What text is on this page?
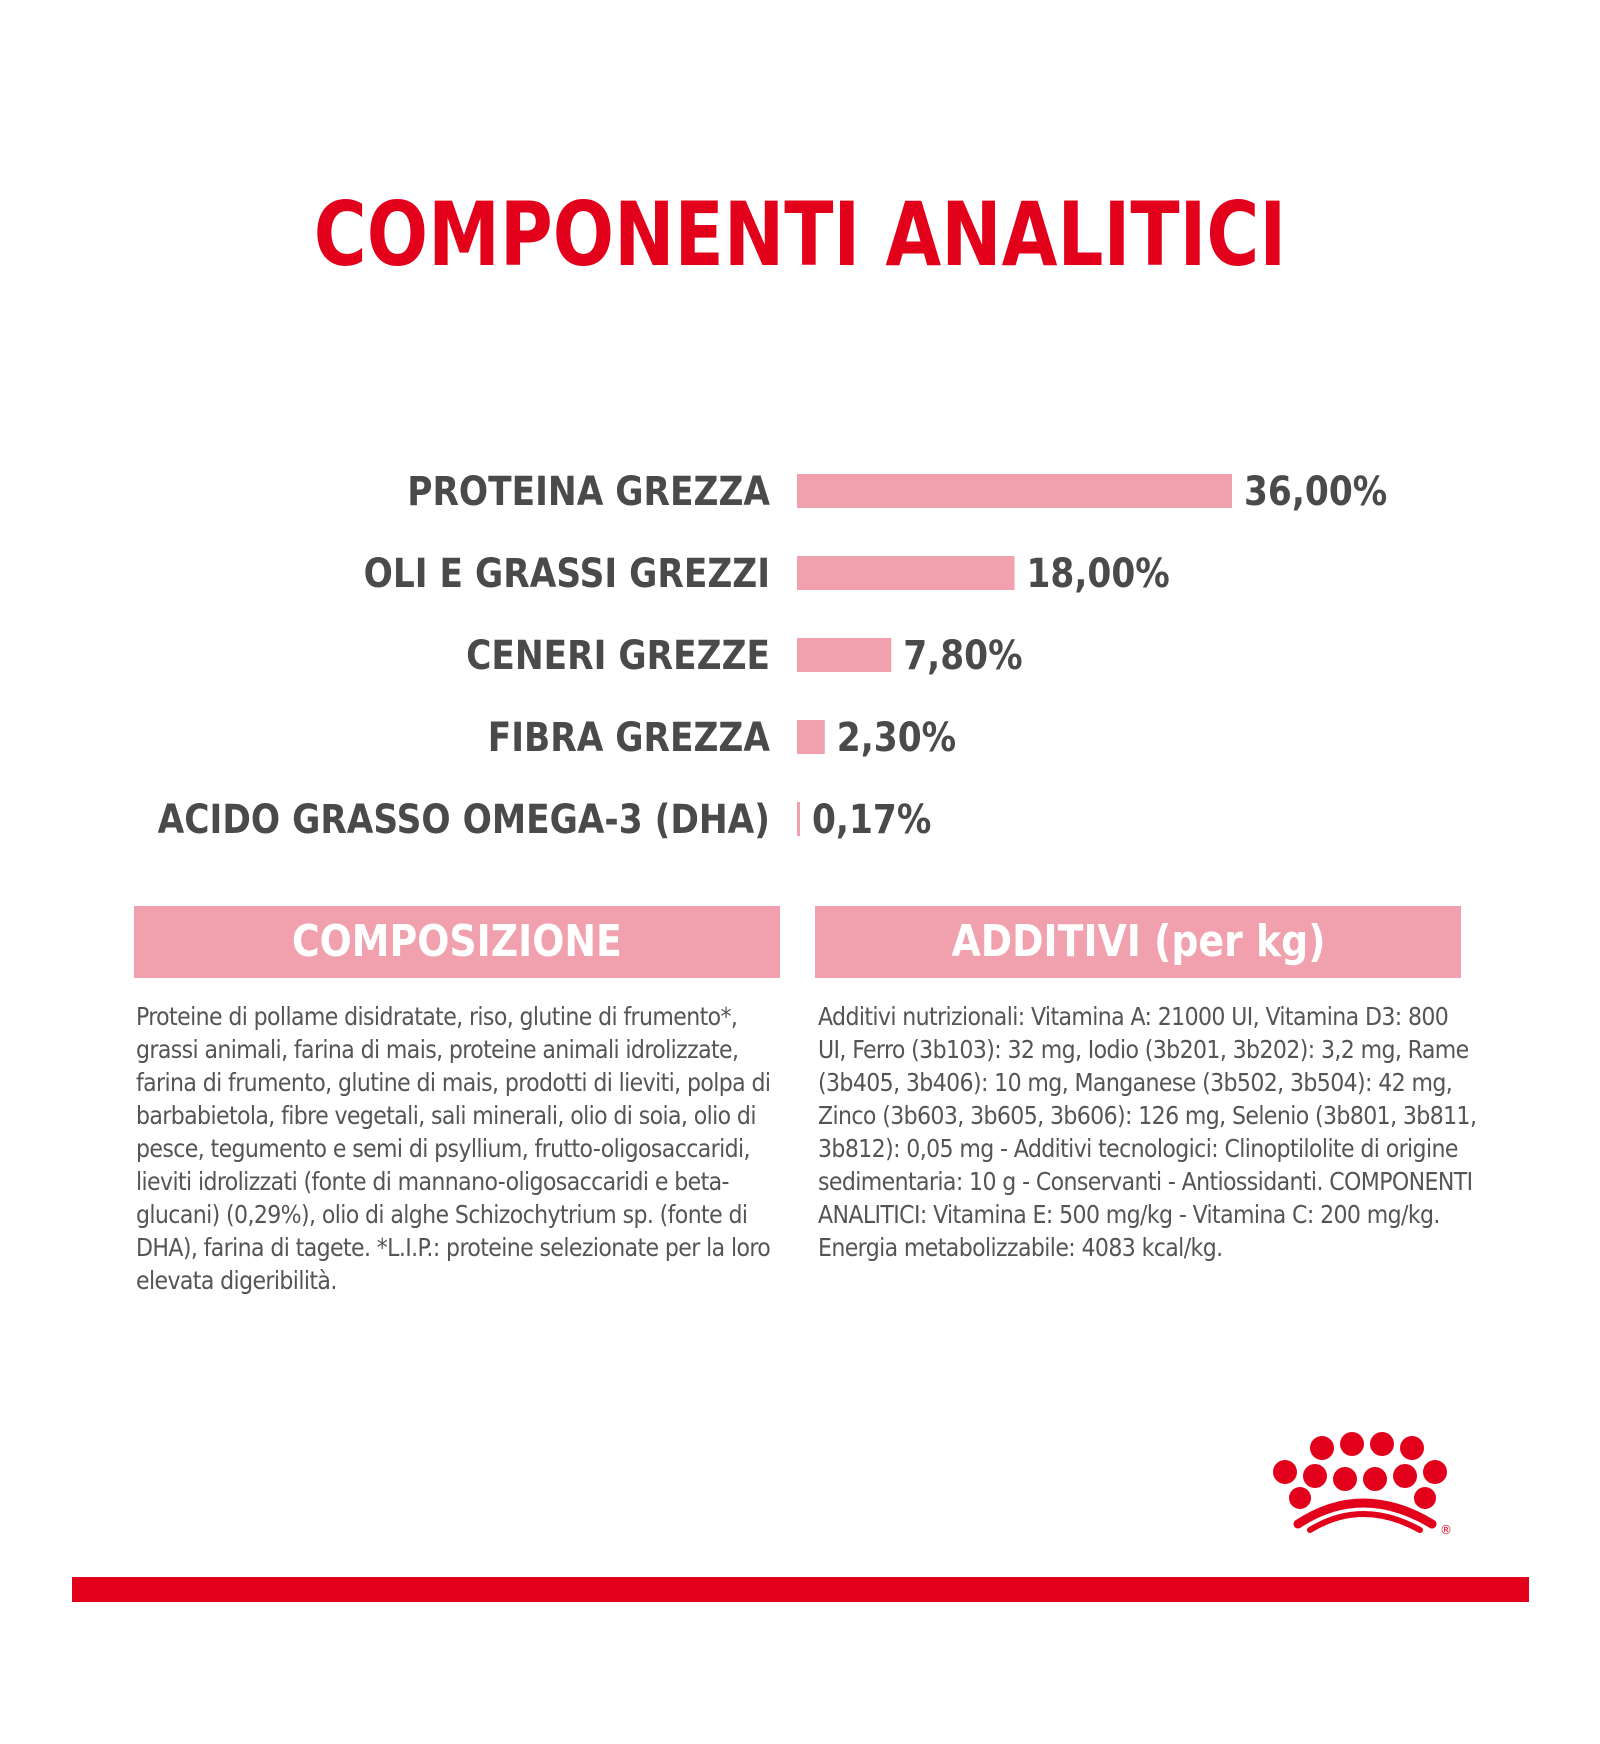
COMPONENTI ANALITICI
PROTEINA GREZZA	36,00%
OLI E GRASSI GREZZI	18,00%
CENERI GREZZE	7,80%
FIBRA GREZZA 2,30%
ACIDO GRASSO OMEGA-3 (DHA) 0,17%
COMPOSIZIONE	ADDITIVI (per kg)
Proteine di pollame disidratate, riso, glutine di frumento*, grassi animali, farina di mais, proteine animali idrolizzate, farina di frumento, glutine di mais, prodotti di lieviti, polpa di barbabietola, fibre vegetali, sali minerali, olio di soia, olio di pesce, tegumento e semi di psyllium, frutto-oligosaccaridi, lieviti idrolizzati (fonte di mannano-oligosaccaridi e beta-glucani) (0,29%), olio di alghe Schizochytrium sp. (fonte di DHA), farina di tagete. *L.I.P.: proteine selezionate per la loro elevata digeribilità.
Additivi nutrizionali: Vitamina A: 21000 UI, Vitamina D3: 800 UI, Ferro (3b103): 32 mg, Iodio (3b201, 3b202): 3,2 mg, Rame (3b405, 3b406): 10 mg, Manganese (3b502, 3b504): 42 mg, Zinco (3b603, 3b605, 3b606): 126 mg, Selenio (3b801, 3b811, 3b812): 0,05 mg - Additivi tecnologici: Clinoptilolite di origine sedimentaria: 10 g - Conservanti - Antiossidanti. COMPONENTI ANALITICI: Vitamina E: 500 mg/kg - Vitamina C: 200 mg/kg. Energia metabolizzabile: 4083 kcal/kg.
®
